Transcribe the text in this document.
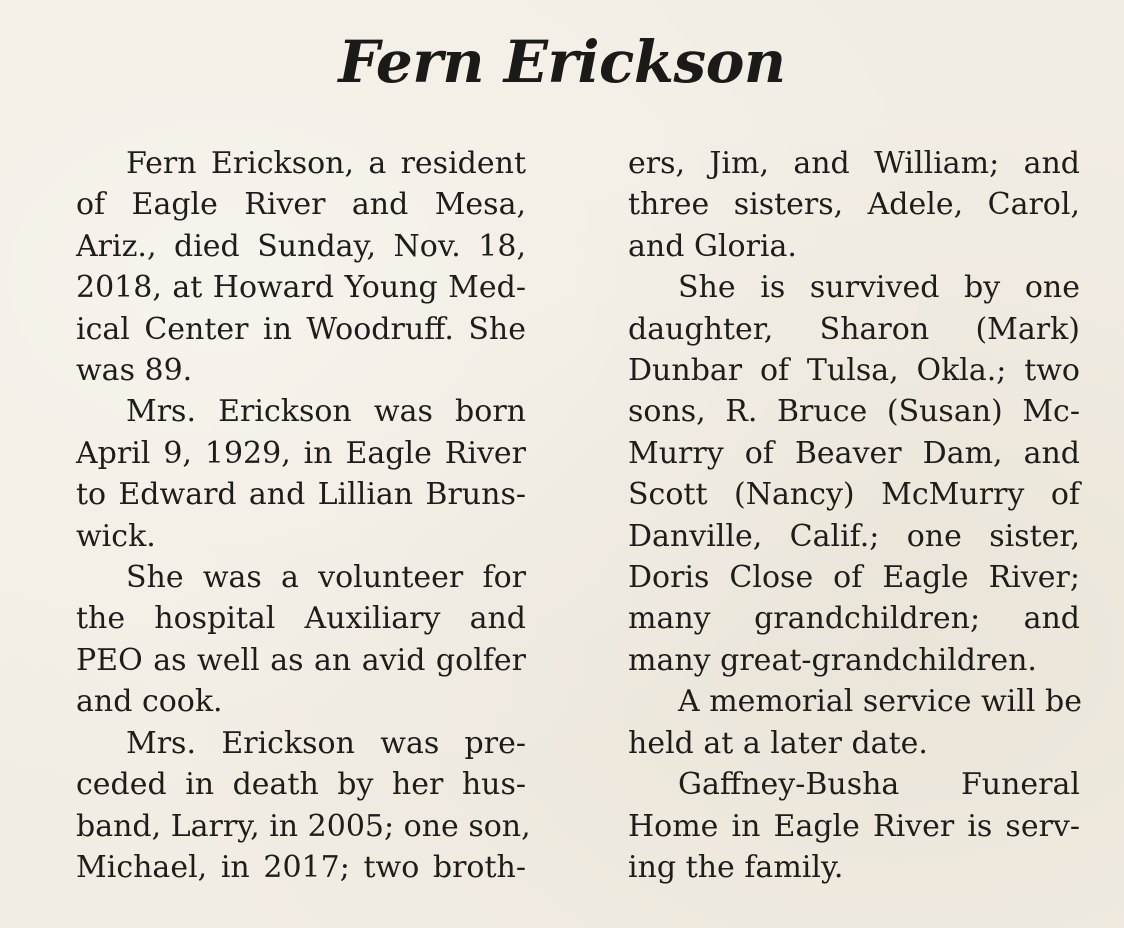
Fern Erickson

Fern Erickson, a resident
of Eagle River and Mesa,
Ariz., died Sunday, Nov. 18,
2018, at Howard Young Med-
ical Center in Woodruff. She
was 89.

Mrs. Erickson was born
April 9, 1929, in Eagle River
to Edward and Lillian Bruns-
wick.

She was a volunteer for
the hospital Auxiliary and
PEO as well as an avid golfer
and cook.

Mrs. Erickson was pre-
ceded in death by her hus-
band, Larry, in 2005; one son,
Michael, in 2017; two broth-

ers, Jim, and William; and
three sisters, Adele, Carol,
and Gloria.

She is survived by one
daughter, Sharon (Mark)
Dunbar of Tulsa, Okla.; two
sons, R. Bruce (Susan) Mc-
Murry of Beaver Dam, and
Scott (Nancy) McMurry of
Danville, Calif.; one sister,
Doris Close of Eagle River;
many grandchildren; and
many great-grandchildren.

A memorial service will be
held at a later date.

Gaffney-Busha Funeral
Home in Eagle River is serv-
ing the family.
